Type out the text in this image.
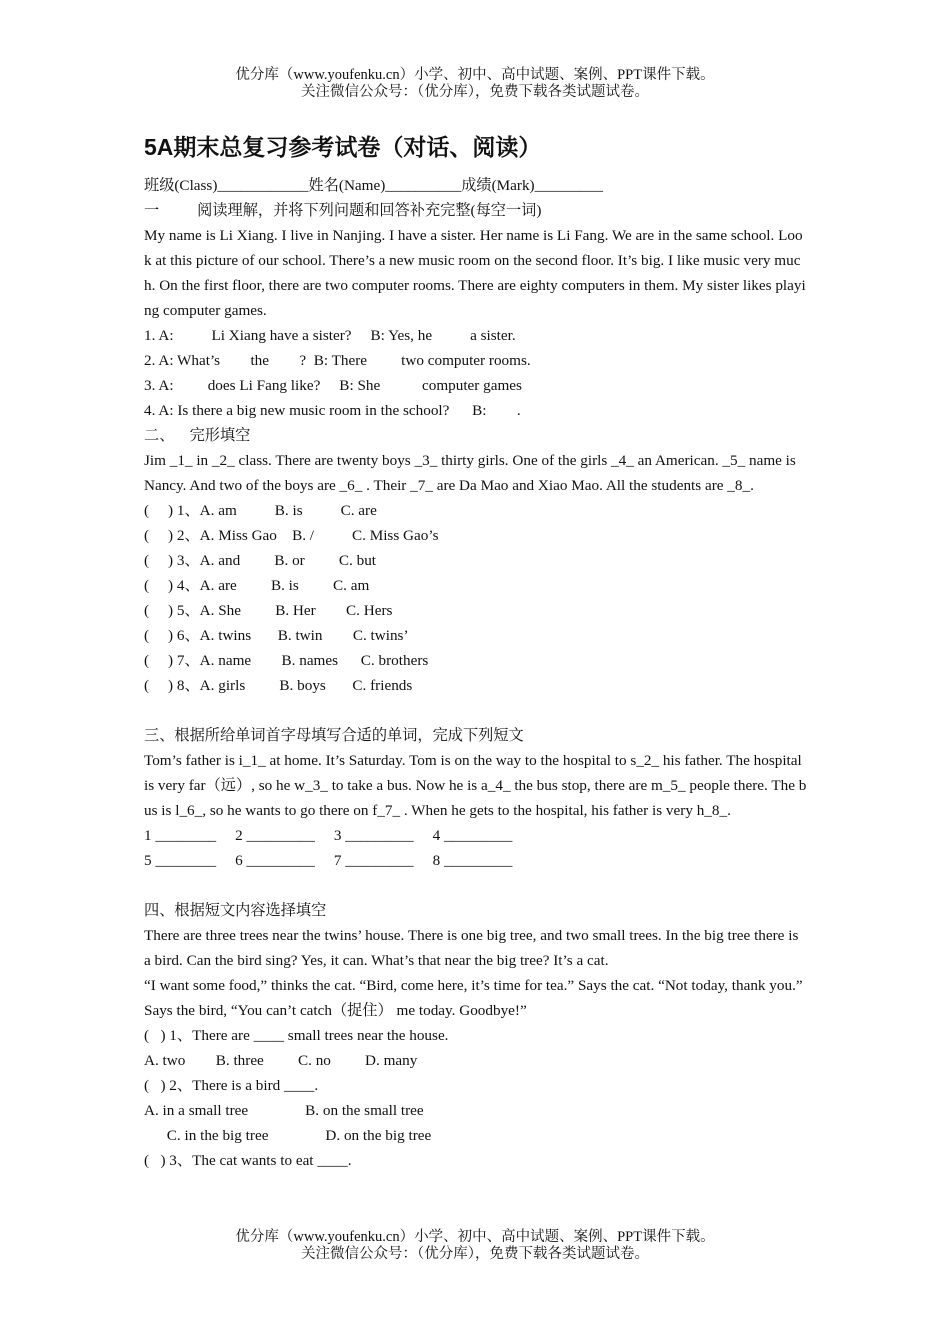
优分库（www.youfenku.cn）小学、初中、高中试题、案例、PPT课件下载。
关注微信公众号：（优分库），免费下载各类试题试卷。
5A期末总复习参考试卷（对话、阅读）
班级(Class)____________姓名(Name)__________成绩(Mark)_________
一          阅读理解，并将下列问题和回答补充完整(每空一词)
My name is Li Xiang. I live in Nanjing. I have a sister. Her name is Li Fang. We are in the same school. Look at this picture of our school. There’s a new music room on the second floor. It’s big. I like music very much. On the first floor, there are two computer rooms. There are eighty computers in them. My sister likes playing computer games.
1. A:          Li Xiang have a sister?     B: Yes, he          a sister.
2. A: What’s        the        ?  B: There         two computer rooms.
3. A:         does Li Fang like?     B: She           computer games
4. A: Is there a big new music room in the school?      B:        .
二、    完形填空
Jim _1_ in _2_ class. There are twenty boys _3_ thirty girls. One of the girls _4_ an American. _5_ name is Nancy. And two of the boys are _6_ . Their _7_ are Da Mao and Xiao Mao. All the students are _8_.
(     ) 1、A. am          B. is          C. are
(     ) 2、A. Miss Gao    B. /          C. Miss Gao’s
(     ) 3、A. and         B. or         C. but
(     ) 4、A. are         B. is         C. am
(     ) 5、A. She         B. Her        C. Hers
(     ) 6、A. twins       B. twin        C. twins’
(     ) 7、A. name        B. names      C. brothers
(     ) 8、A. girls         B. boys       C. friends
三、根据所给单词首字母填写合适的单词，完成下列短文
Tom’s father is i_1_ at home. It’s Saturday. Tom is on the way to the hospital to s_2_ his father. The hospital is very far（远）, so he w_3_ to take a bus. Now he is a_4_ the bus stop, there are m_5_ people there. The bus is l_6_, so he wants to go there on f_7_ . When he gets to the hospital, his father is very h_8_.
1 ________     2 _________     3 _________     4 _________
5 ________     6 _________     7 _________     8 _________
四、根据短文内容选择填空
There are three trees near the twins’ house. There is one big tree, and two small trees. In the big tree there is a bird. Can the bird sing? Yes, it can. What’s that near the big tree? It’s a cat.
“I want some food,” thinks the cat. “Bird, come here, it’s time for tea.” Says the cat. “Not today, thank you.” Says the bird, “You can’t catch（捉住） me today. Goodbye!”
(   ) 1、There are ____ small trees near the house.
A. two        B. three         C. no         D. many
(   ) 2、There is a bird ____.
A. in a small tree               B. on the small tree
C. in the big tree               D. on the big tree
(   ) 3、The cat wants to eat ____.
优分库（www.youfenku.cn）小学、初中、高中试题、案例、PPT课件下载。
关注微信公众号：（优分库），免费下载各类试题试卷。
